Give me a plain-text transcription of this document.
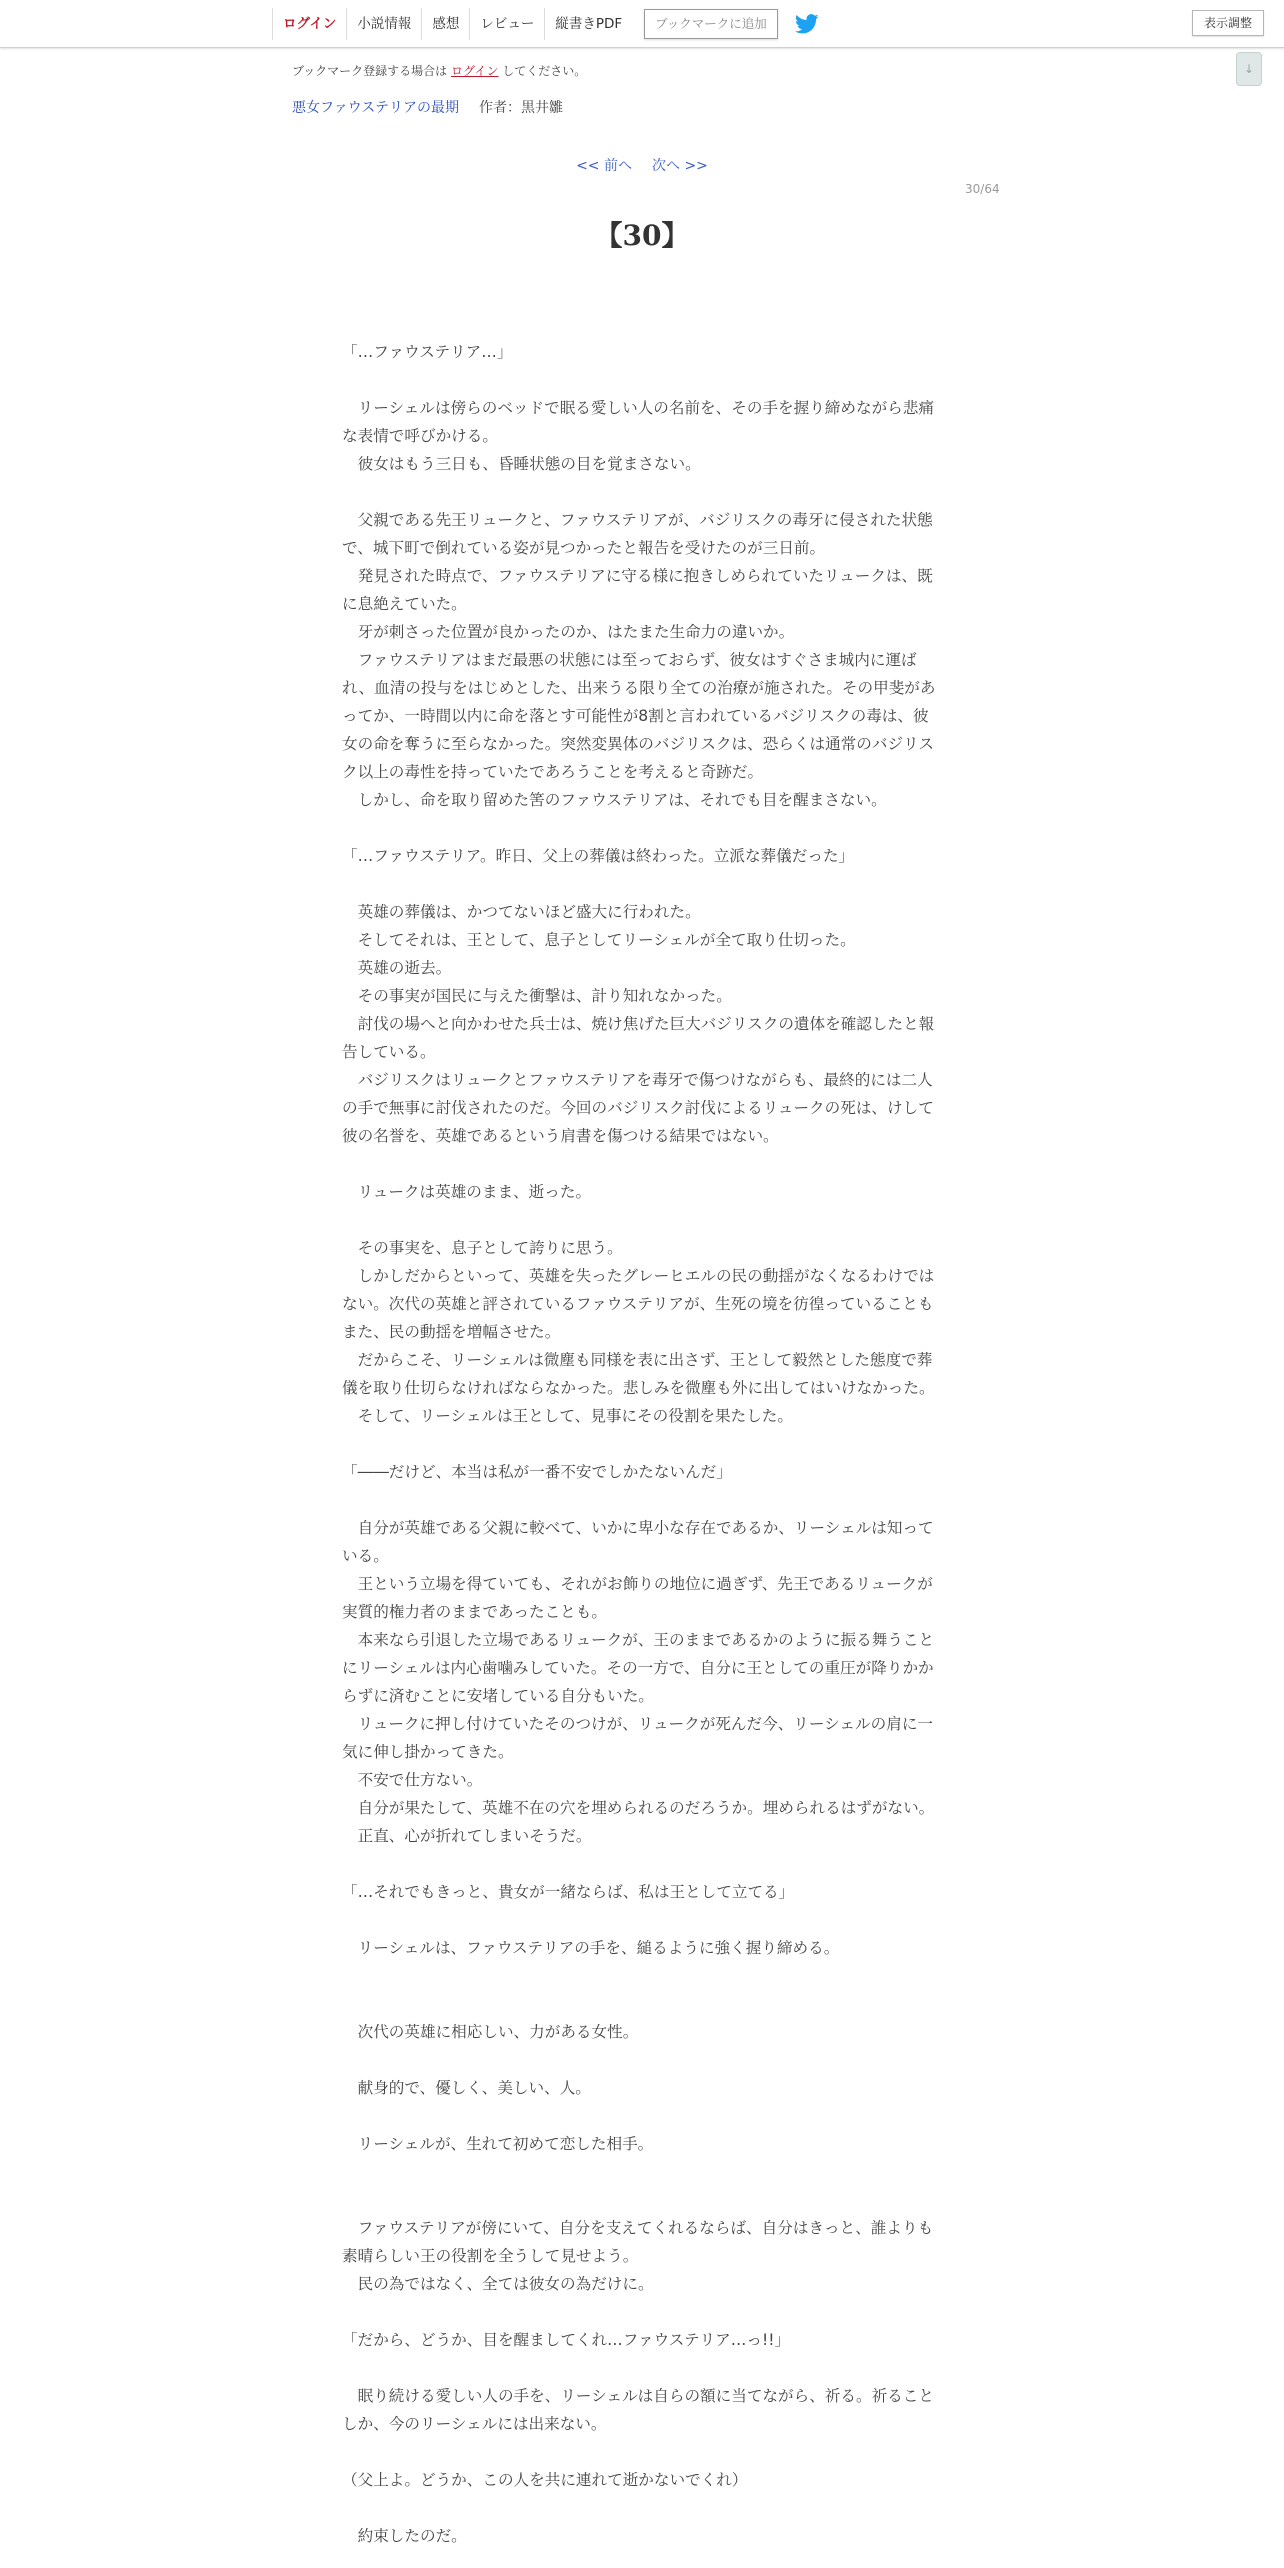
ログイン	小説情報	感想	レビュー	縦書きPDF	ブックマークに追加	表示調整
↓
ブックマーク登録する場合は ログイン してください。
悪女ファウステリアの最期 作者：黒井雛
<< 前へ 次へ >>
30/64
【30】

「…ファウステリア…」

　リーシェルは傍らのベッドで眠る愛しい人の名前を、その手を握り締めながら悲痛な表情で呼びかける。

　彼女はもう三日も、昏睡状態の目を覚まさない。

　父親である先王リュークと、ファウステリアが、バジリスクの毒牙に侵された状態で、城下町で倒れている姿が見つかったと報告を受けたのが三日前。

　発見された時点で、ファウステリアに守る様に抱きしめられていたリュークは、既に息絶えていた。

　牙が刺さった位置が良かったのか、はたまた生命力の違いか。

　ファウステリアはまだ最悪の状態には至っておらず、彼女はすぐさま城内に運ばれ、血清の投与をはじめとした、出来うる限り全ての治療が施された。その甲斐があってか、一時間以内に命を落とす可能性が8割と言われているバジリスクの毒は、彼女の命を奪うに至らなかった。突然変異体のバジリスクは、恐らくは通常のバジリスク以上の毒性を持っていたであろうことを考えると奇跡だ。

　しかし、命を取り留めた筈のファウステリアは、それでも目を醒まさない。

「…ファウステリア。昨日、父上の葬儀は終わった。立派な葬儀だった」

　英雄の葬儀は、かつてないほど盛大に行われた。

　そしてそれは、王として、息子としてリーシェルが全て取り仕切った。

　英雄の逝去。

　その事実が国民に与えた衝撃は、計り知れなかった。

　討伐の場へと向かわせた兵士は、焼け焦げた巨大バジリスクの遺体を確認したと報告している。

　バジリスクはリュークとファウステリアを毒牙で傷つけながらも、最終的には二人の手で無事に討伐されたのだ。今回のバジリスク討伐によるリュークの死は、けして彼の名誉を、英雄であるという肩書を傷つける結果ではない。

　リュークは英雄のまま、逝った。

　その事実を、息子として誇りに思う。

　しかしだからといって、英雄を失ったグレーヒエルの民の動揺がなくなるわけではない。次代の英雄と評されているファウステリアが、生死の境を彷徨っていることもまた、民の動揺を増幅させた。

　だからこそ、リーシェルは微塵も同様を表に出さず、王として毅然とした態度で葬儀を取り仕切らなければならなかった。悲しみを微塵も外に出してはいけなかった。

　そして、リーシェルは王として、見事にその役割を果たした。

「――だけど、本当は私が一番不安でしかたないんだ」

　自分が英雄である父親に較べて、いかに卑小な存在であるか、リーシェルは知っている。

　王という立場を得ていても、それがお飾りの地位に過ぎず、先王であるリュークが実質的権力者のままであったことも。

　本来なら引退した立場であるリュークが、王のままであるかのように振る舞うことにリーシェルは内心歯噛みしていた。その一方で、自分に王としての重圧が降りかからずに済むことに安堵している自分もいた。

　リュークに押し付けていたそのつけが、リュークが死んだ今、リーシェルの肩に一気に伸し掛かってきた。

　不安で仕方ない。

　自分が果たして、英雄不在の穴を埋められるのだろうか。埋められるはずがない。

　正直、心が折れてしまいそうだ。

「…それでもきっと、貴女が一緒ならば、私は王として立てる」

　リーシェルは、ファウステリアの手を、縋るように強く握り締める。

　次代の英雄に相応しい、力がある女性。

　献身的で、優しく、美しい、人。

　リーシェルが、生れて初めて恋した相手。

　ファウステリアが傍にいて、自分を支えてくれるならば、自分はきっと、誰よりも素晴らしい王の役割を全うして見せよう。

　民の為ではなく、全ては彼女の為だけに。

「だから、どうか、目を醒ましてくれ…ファウステリア…っ!!」

　眠り続ける愛しい人の手を、リーシェルは自らの額に当てながら、祈る。祈ることしか、今のリーシェルには出来ない。

（父上よ。どうか、この人を共に連れて逝かないでくれ）

　約束したのだ。
